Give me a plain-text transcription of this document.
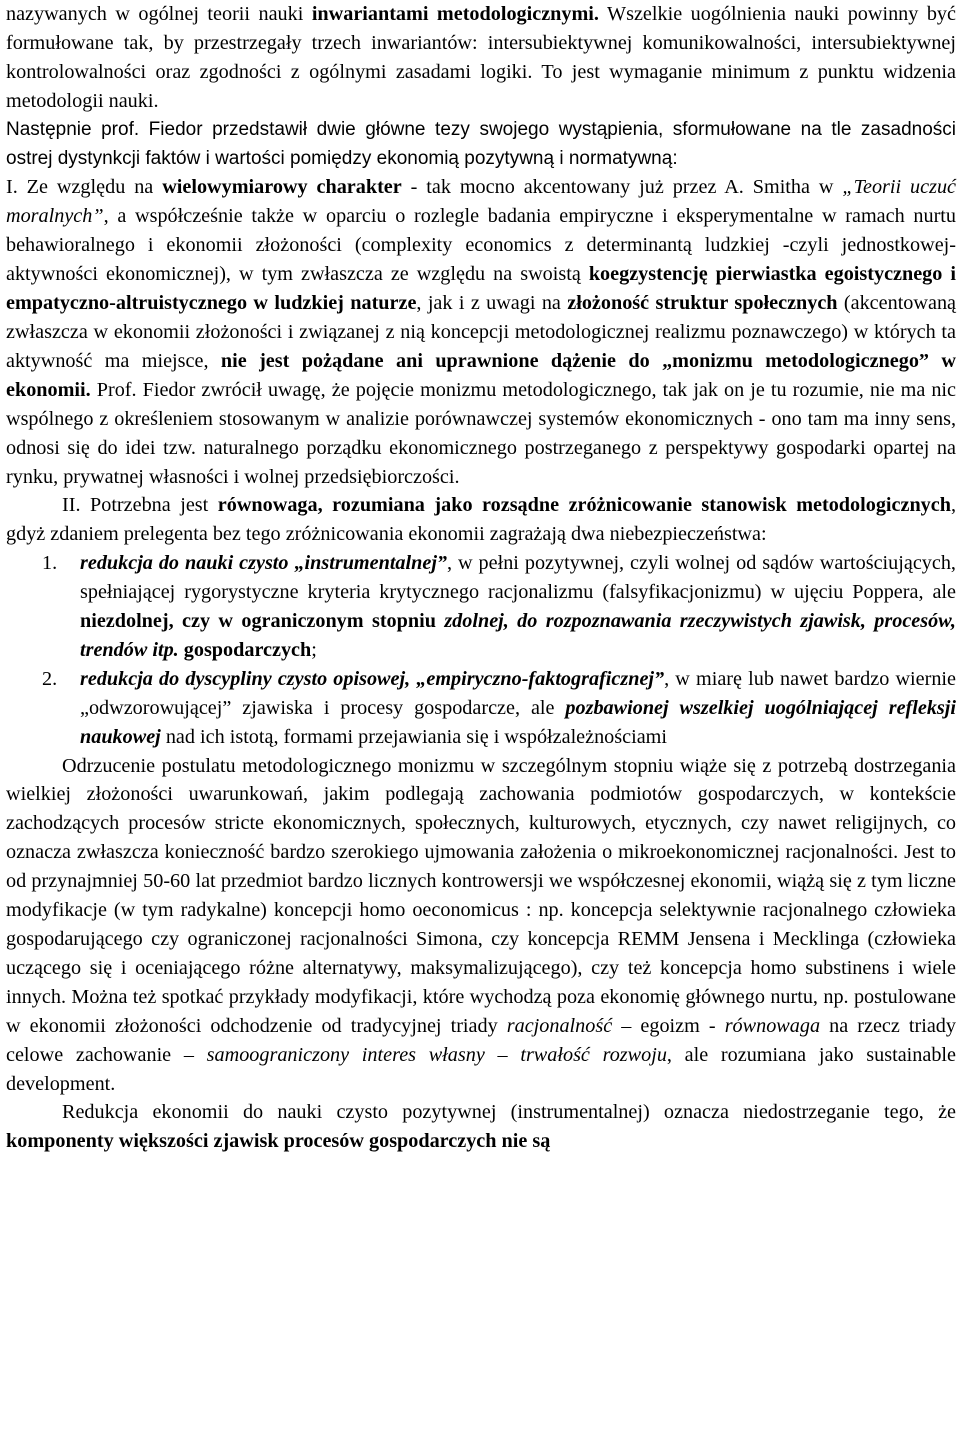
nazywanych w ogólnej teorii nauki inwariantami metodologicznymi. Wszelkie uogólnienia nauki powinny być formułowane tak, by przestrzegały trzech inwariantów: intersubiektywnej komunikowalności, intersubiektywnej kontrolowalności oraz zgodności z ogólnymi zasadami logiki. To jest wymaganie minimum z punktu widzenia metodologii nauki.

Następnie prof. Fiedor przedstawił dwie główne tezy swojego wystąpienia, sformułowane na tle zasadności ostrej dystynkcji faktów i wartości pomiędzy ekonomią pozytywną i normatywną:

I. Ze względu na wielowymiarowy charakter - tak mocno akcentowany już przez A. Smitha w „Teorii uczuć moralnych”, a współcześnie także w oparciu o rozlegle badania empiryczne i eksperymentalne w ramach nurtu behawioralnego i ekonomii złożoności (complexity economics z determinantą ludzkiej -czyli jednostkowej- aktywności ekonomicznej), w tym zwłaszcza ze względu na swoistą koegzystencję pierwiastka egoistycznego i empatyczno-altruistycznego w ludzkiej naturze, jak i z uwagi na złożoność struktur społecznych (akcentowaną zwłaszcza w ekonomii złożoności i związanej z nią koncepcji metodologicznej realizmu poznawczego) w których ta aktywność ma miejsce, nie jest pożądane ani uprawnione dążenie do „monizmu metodologicznego” w ekonomii. Prof. Fiedor zwrócił uwagę, że pojęcie monizmu metodologicznego, tak jak on je tu rozumie, nie ma nic wspólnego z określeniem stosowanym w analizie porównawczej systemów ekonomicznych - ono tam ma inny sens, odnosi się do idei tzw. naturalnego porządku ekonomicznego postrzeganego z perspektywy gospodarki opartej na rynku, prywatnej własności i wolnej przedsiębiorczości.

II. Potrzebna jest równowaga, rozumiana jako rozsądne zróżnicowanie stanowisk metodologicznych, gdyż zdaniem prelegenta bez tego zróżnicowania ekonomii zagrażają dwa niebezpieczeństwa:

1. redukcja do nauki czysto „instrumentalnej”, w pełni pozytywnej, czyli wolnej od sądów wartościujących, spełniającej rygorystyczne kryteria krytycznego racjonalizmu (falsyfikacjonizmu) w ujęciu Poppera, ale niezdolnej, czy w ograniczonym stopniu zdolnej, do rozpoznawania rzeczywistych zjawisk, procesów, trendów itp. gospodarczych;
2. redukcja do dyscypliny czysto opisowej, „empiryczno-faktograficznej”, w miarę lub nawet bardzo wiernie „odwzorowującej” zjawiska i procesy gospodarcze, ale pozbawionej wszelkiej uogólniającej refleksji naukowej nad ich istotą, formami przejawiania się i współzależnościami

Odrzucenie postulatu metodologicznego monizmu w szczególnym stopniu wiąże się z potrzebą dostrzegania wielkiej złożoności uwarunkowań, jakim podlegają zachowania podmiotów gospodarczych, w kontekście zachodzących procesów stricte ekonomicznych, społecznych, kulturowych, etycznych, czy nawet religijnych, co oznacza zwłaszcza konieczność bardzo szerokiego ujmowania założenia o mikroekonomicznej racjonalności. Jest to od przynajmniej 50-60 lat przedmiot bardzo licznych kontrowersji we współczesnej ekonomii, wiążą się z tym liczne modyfikacje (w tym radykalne) koncepcji homo oeconomicus : np. koncepcja selektywnie racjonalnego człowieka gospodarującego czy ograniczonej racjonalności Simona, czy koncepcja REMM Jensena i Mecklinga (człowieka uczącego się i oceniającego różne alternatywy, maksymalizującego), czy też koncepcja homo substinens i wiele innych. Można też spotkać przykłady modyfikacji, które wychodzą poza ekonomię głównego nurtu, np. postulowane w ekonomii złożoności odchodzenie od tradycyjnej triady racjonalność – egoizm - równowaga na rzecz triady celowe zachowanie – samoograniczony interes własny – trwałość rozwoju, ale rozumiana jako sustainable development.

Redukcja ekonomii do nauki czysto pozytywnej (instrumentalnej) oznacza niedostrzeganie tego, że komponenty większości zjawisk procesów gospodarczych nie są
